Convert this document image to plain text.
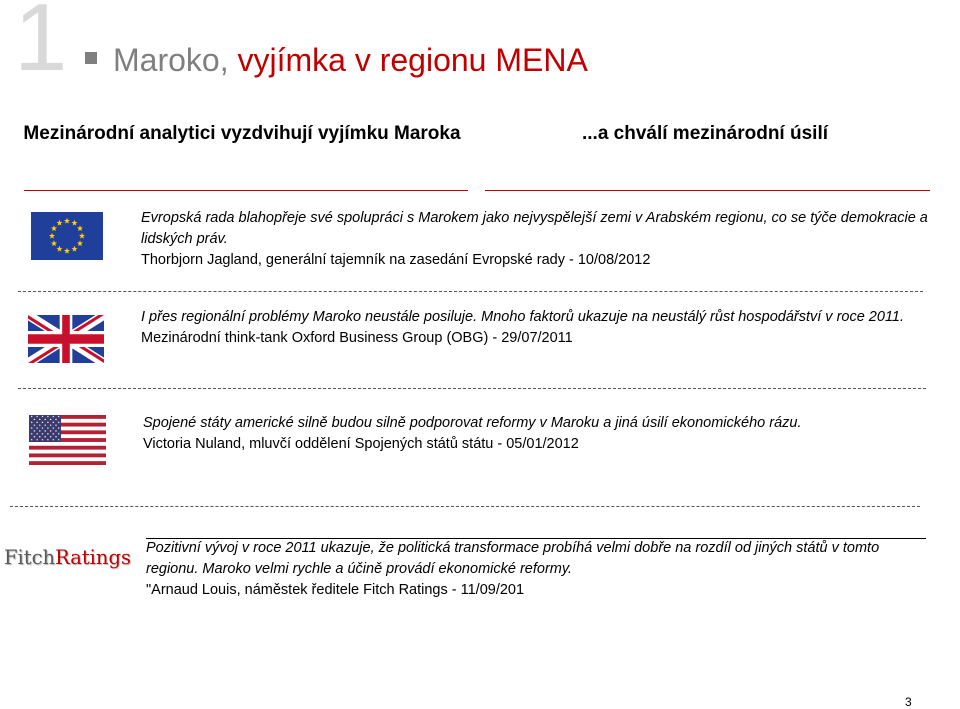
1 Maroko, vyjímka v regionu MENA
Mezinárodní analytici vyzdvihují vyjímku Maroka	...a chválí mezinárodní úsilí
Evropská rada blahopřeje své spolupráci s Marokem jako nejvyspělejší zemi v Arabském regionu, co se týče demokracie a lidských práv.
Thorbjorn Jagland, generální tajemník na zasedání Evropské rady - 10/08/2012
I přes regionální problémy Maroko neustále posiluje. Mnoho faktorů ukazuje na neustálý růst hospodářství v roce 2011.
Mezinárodní think-tank Oxford Business Group (OBG) - 29/07/2011
Spojené státy americké silně budou silně podporovat reformy v Maroku a jiná úsilí ekonomického rázu.
Victoria Nuland, mluvčí oddělení Spojených států státu - 05/01/2012
FitchRatings Pozitivní vývoj v roce 2011 ukazuje, že politická transformace probíhá velmi dobře na rozdíl od jiných států v tomto regionu. Maroko velmi rychle a účině provádí ekonomické reformy.
"Arnaud Louis, náměstek ředitele Fitch Ratings - 11/09/201
3
